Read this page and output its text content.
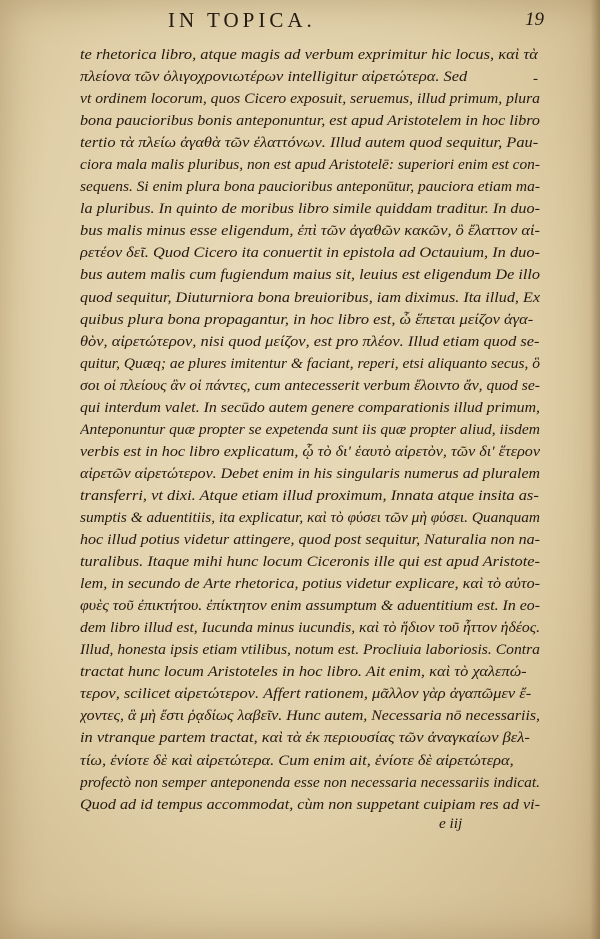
IN TOPICA.	19
-
te rhetorica libro, atque magis ad verbum exprimitur hic locus, καὶ τὰ
πλείονα τῶν ὀλιγοχρονιωτέρων intelligitur αἱρετώτερα. Sed
vt ordinem locorum, quos Cicero exposuit, seruemus, illud primum, plura
bona paucioribus bonis anteponuntur, est apud Aristotelem in hoc libro
tertio τὰ πλείω ἀγαθὰ τῶν ἐλαττόνων. Illud autem quod sequitur, Pau-
ciora mala malis pluribus, non est apud Aristotelē: superiori enim est con-
sequens. Si enim plura bona paucioribus anteponūtur, pauciora etiam ma-
la pluribus. In quinto de moribus libro simile quiddam traditur. In duo-
bus malis minus esse eligendum, ἐπὶ τῶν ἀγαθῶν κακῶν, ὃ ἔλαττον αἱ-
ρετέον δεῖ. Quod Cicero ita conuertit in epistola ad Octauium, In duo-
bus autem malis cum fugiendum maius sit, leuius est eligendum De illo
quod sequitur, Diuturniora bona breuioribus, iam diximus. Ita illud, Ex
quibus plura bona propagantur, in hoc libro est, ὧ ἕπεται μείζον ἀγα-
θὸν, αἱρετώτερον, nisi quod μείζον, est pro πλέον. Illud etiam quod se-
quitur, Quæq; ae plures imitentur & faciant, reperi, etsi aliquanto secus, ὃ
σοι οἱ πλείους ἂν οἱ πάντες, cum antecesserit verbum ἔλοιντο ἄν, quod se-
qui interdum valet. In secūdo autem genere comparationis illud primum,
Anteponuntur quæ propter se expetenda sunt iis quæ propter aliud, iisdem
verbis est in hoc libro explicatum, ᾧ τὸ δι' ἑαυτὸ αἱρετὸν, τῶν δι' ἕτερον
αἱρετῶν αἱρετώτερον. Debet enim in his singularis numerus ad pluralem
transferri, vt dixi. Atque etiam illud proximum, Innata atque insita as-
sumptis & aduentitiis, ita explicatur, καὶ τὸ φύσει τῶν μὴ φύσει. Quanquam
hoc illud potius videtur attingere, quod post sequitur, Naturalia non na-
turalibus. Itaque mihi hunc locum Ciceronis ille qui est apud Aristote-
lem, in secundo de Arte rhetorica, potius videtur explicare, καὶ τὸ αὐτο-
φυὲς τοῦ ἐπικτήτου. ἐπίκτητον enim assumptum & aduentitium est. In eo-
dem libro illud est, Iucunda minus iucundis, καὶ τὸ ἥδιον τοῦ ἧττον ἡδέος.
Illud, honesta ipsis etiam vtilibus, notum est. Procliuia laboriosis. Contra
tractat hunc locum Aristoteles in hoc libro. Ait enim, καὶ τὸ χαλεπώ-
τερον, scilicet αἱρετώτερον. Affert rationem, μᾶλλον γὰρ ἀγαπῶμεν ἔ-
χοντες, ἃ μὴ ἔστι ῥᾳδίως λαβεῖν. Hunc autem, Necessaria nō necessariis,
in vtranque partem tractat, καὶ τὰ ἐκ περιουσίας τῶν ἀναγκαίων βελ-
τίω, ἐνίοτε δὲ καὶ αἱρετώτερα. Cum enim ait, ἐνίοτε δὲ αἱρετώτερα,
profectò non semper anteponenda esse non necessaria necessariis indicat.
Quod ad id tempus accommodat, cùm non suppetant cuipiam res ad vi-
e iij
